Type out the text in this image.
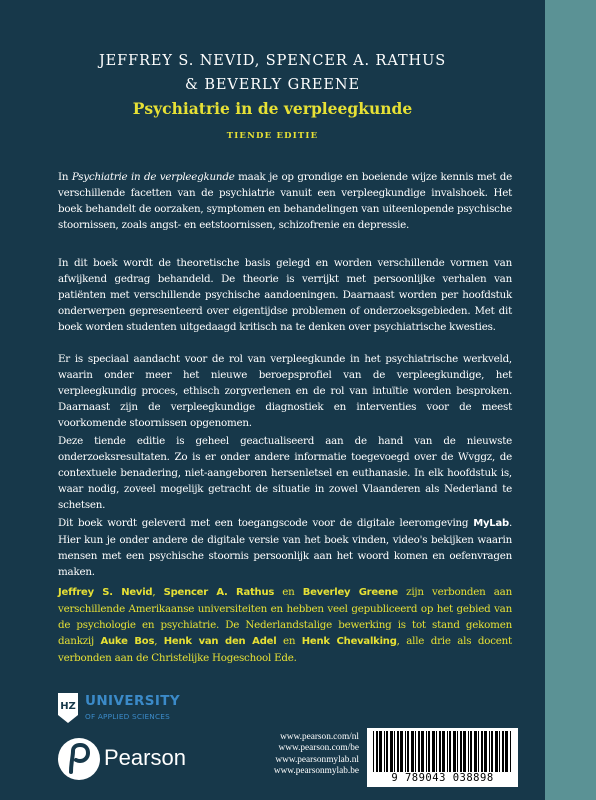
JEFFREY S. NEVID, SPENCER A. RATHUS
& BEVERLY GREENE
Psychiatrie in de verpleegkunde
TIENDE EDITIE

In Psychiatrie in de verpleegkunde maak je op grondige en boeiende wijze kennis met de verschillende facetten van de psychiatrie vanuit een verpleegkundige invalshoek. Het boek behandelt de oorzaken, symptomen en behandelingen van uiteenlopende psychische stoornissen, zoals angst- en eetstoornissen, schizofrenie en depressie.

In dit boek wordt de theoretische basis gelegd en worden verschillende vormen van afwijkend gedrag behandeld. De theorie is verrijkt met persoonlijke verhalen van patiënten met verschillende psychische aandoeningen. Daarnaast worden per hoofdstuk onderwerpen gepresenteerd over eigentijdse problemen of onderzoeksgebieden. Met dit boek worden studenten uitgedaagd kritisch na te denken over psychiatrische kwesties.

Er is speciaal aandacht voor de rol van verpleegkunde in het psychiatrische werkveld, waarin onder meer het nieuwe beroepsprofiel van de verpleegkundige, het verpleegkundig proces, ethisch zorgverlenen en de rol van intuïtie worden besproken. Daarnaast zijn de verpleegkundige diagnostiek en interventies voor de meest voorkomende stoornissen opgenomen.

Deze tiende editie is geheel geactualiseerd aan de hand van de nieuwste onderzoeksresultaten. Zo is er onder andere informatie toegevoegd over de Wvggz, de contextuele benadering, niet-aangeboren hersenletsel en euthanasie. In elk hoofdstuk is, waar nodig, zoveel mogelijk getracht de situatie in zowel Vlaanderen als Nederland te schetsen.

Dit boek wordt geleverd met een toegangscode voor de digitale leeromgeving MyLab. Hier kun je onder andere de digitale versie van het boek vinden, video's bekijken waarin mensen met een psychische stoornis persoonlijk aan het woord komen en oefenvragen maken.

Jeffrey S. Nevid, Spencer A. Rathus en Beverley Greene zijn verbonden aan verschillende Amerikaanse universiteiten en hebben veel gepubliceerd op het gebied van de psychologie en psychiatrie. De Nederlandstalige bewerking is tot stand gekomen dankzij Auke Bos, Henk van den Adel en Henk Chevalking, alle drie als docent verbonden aan de Christelijke Hogeschool Ede.

HZ UNIVERSITY
OF APPLIED SCIENCES
Pearson
www.pearson.com/nl
www.pearson.com/be
www.pearsonmylab.nl
www.pearsonmylab.be
9 789043 038898
